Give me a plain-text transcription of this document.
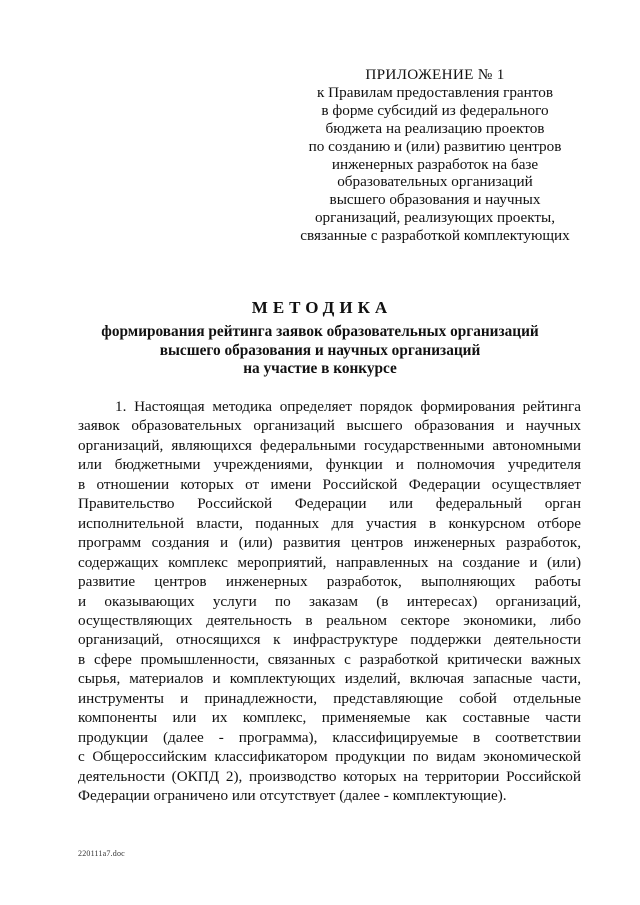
ПРИЛОЖЕНИЕ № 1
к Правилам предоставления грантов
в форме субсидий из федерального
бюджета на реализацию проектов
по созданию и (или) развитию центров
инженерных разработок на базе
образовательных организаций
высшего образования и научных
организаций, реализующих проекты,
связанные с разработкой комплектующих
МЕТОДИКА
формирования рейтинга заявок образовательных организаций
высшего образования и научных организаций
на участие в конкурсе
1. Настоящая методика определяет порядок формирования рейтинга
заявок образовательных организаций высшего образования и научных
организаций, являющихся федеральными государственными автономными
или бюджетными учреждениями, функции и полномочия учредителя
в отношении которых от имени Российской Федерации осуществляет
Правительство Российской Федерации или федеральный орган
исполнительной власти, поданных для участия в конкурсном отборе
программ создания и (или) развития центров инженерных разработок,
содержащих комплекс мероприятий, направленных на создание и (или)
развитие центров инженерных разработок, выполняющих работы
и оказывающих услуги по заказам (в интересах) организаций,
осуществляющих деятельность в реальном секторе экономики, либо
организаций, относящихся к инфраструктуре поддержки деятельности
в сфере промышленности, связанных с разработкой критически важных
сырья, материалов и комплектующих изделий, включая запасные части,
инструменты и принадлежности, представляющие собой отдельные
компоненты или их комплекс, применяемые как составные части
продукции (далее - программа), классифицируемые в соответствии
с Общероссийским классификатором продукции по видам экономической
деятельности (ОКПД 2), производство которых на территории Российской
Федерации ограничено или отсутствует (далее - комплектующие).
220111a7.doc
